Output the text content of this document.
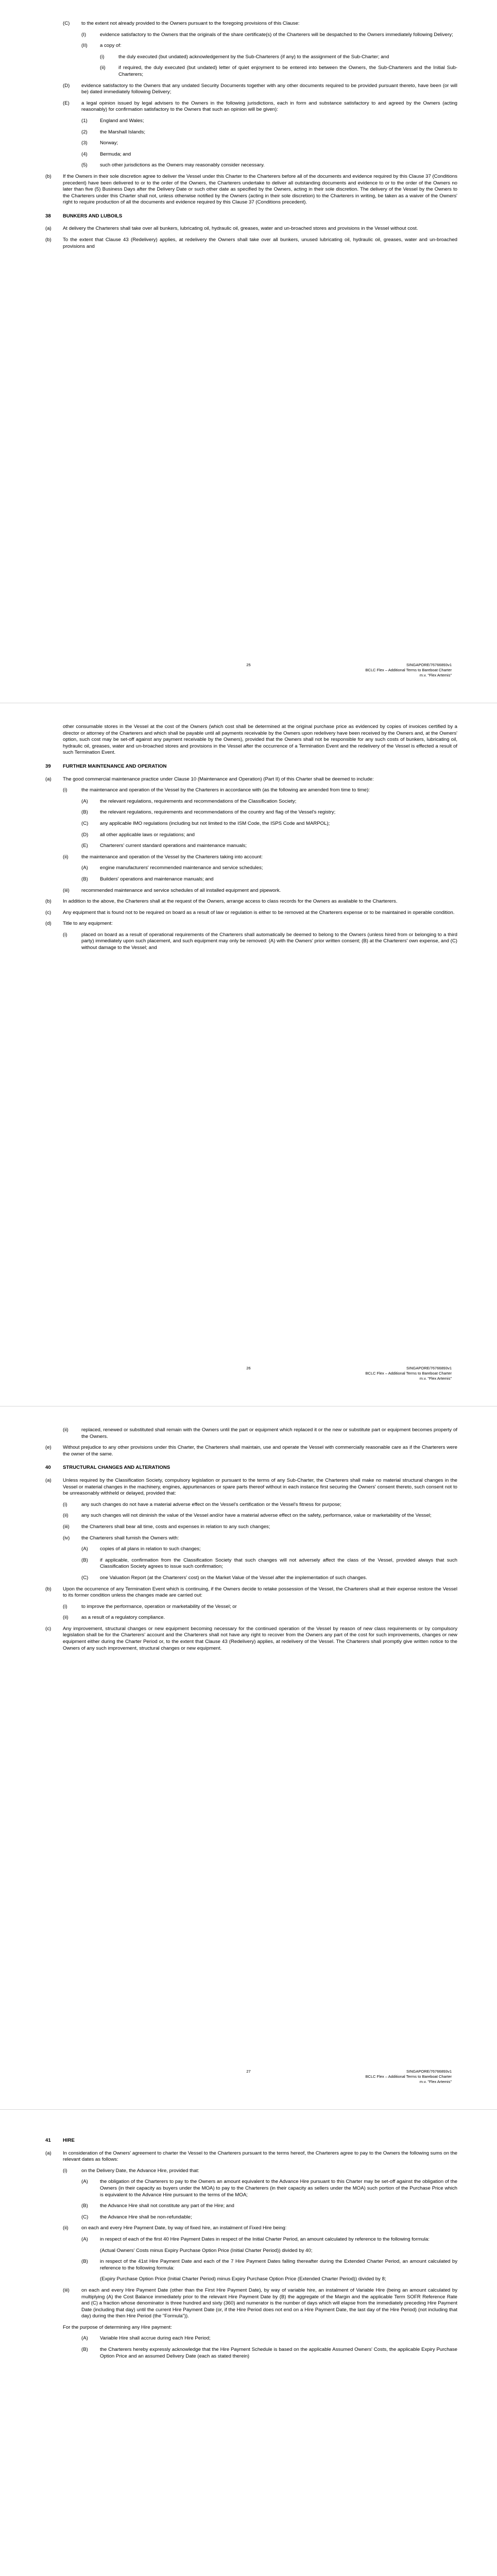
(C)	to the extent not already provided to the Owners pursuant to the foregoing provisions of this Clause:
(I)	evidence satisfactory to the Owners that the originals of the share certificate(s) of the Charterers will be despatched to the Owners immediately following Delivery;
(II)	a copy of:
(i)	the duly executed (but undated) acknowledgement by the Sub-Charterers (if any) to the assignment of the Sub-Charter; and
(ii)	if required, the duly executed (but undated) letter of quiet enjoyment to be entered into between the Owners, the Sub-Charterers and the Initial Sub-Charterers;
(D)	evidence satisfactory to the Owners that any undated Security Documents together with any other documents required to be provided pursuant thereto, have been (or will be) dated immediately following Delivery;
(E)	a legal opinion issued by legal advisers to the Owners in the following jurisdictions, each in form and substance satisfactory to and agreed by the Owners (acting reasonably) for confirmation satisfactory to the Owners that such an opinion will be given):
(1)	England and Wales;
(2)	the Marshall Islands;
(3)	Norway;
(4)	Bermuda; and
(5)	such other jurisdictions as the Owners may reasonably consider necessary.
(b)	If the Owners in their sole discretion agree to deliver the Vessel under this Charter to the Charterers before all of the documents and evidence required by this Clause 37 (Conditions precedent) have been delivered to or to the order of the Owners, the Charterers undertake to deliver all outstanding documents and evidence to or to the order of the Owners no later than five (5) Business Days after the Delivery Date or such other date as specified by the Owners, acting in their sole discretion. The delivery of the Vessel by the Owners to the Charterers under this Charter shall not, unless otherwise notified by the Owners (acting in their sole discretion) to the Charterers in writing, be taken as a waiver of the Owners' right to require production of all the documents and evidence required by this Clause 37 (Conditions precedent).
38	BUNKERS AND LUBOILS
(a)	At delivery the Charterers shall take over all bunkers, lubricating oil, hydraulic oil, greases, water and un-broached stores and provisions in the Vessel without cost.
(b)	To the extent that Clause 43 (Redelivery) applies, at redelivery the Owners shall take over all bunkers, unused lubricating oil, hydraulic oil, greases, water and un-broached provisions and
25	SINGAPORE/76766893v1
BCLC Flex – Additional Terms to Bareboat Charter
m.v. "Flex Artemis"
other consumable stores in the Vessel at the cost of the Owners (which cost shall be determined at the original purchase price as evidenced by copies of invoices certified by a director or attorney of the Charterers and which shall be payable until all payments receivable by the Owners upon redelivery have been received by the Owners and, at the Owners' option, such cost may be set-off against any payment receivable by the Owners), provided that the Owners shall not be responsible for any such costs of bunkers, lubricating oil, hydraulic oil, greases, water and un-broached stores and provisions in the Vessel after the occurrence of a Termination Event and the redelivery of the Vessel is effected a result of such Termination Event.
39	FURTHER MAINTENANCE AND OPERATION
(a)	The good commercial maintenance practice under Clause 10 (Maintenance and Operation) (Part II) of this Charter shall be deemed to include:
(i)	the maintenance and operation of the Vessel by the Charterers in accordance with (as the following are amended from time to time):
(A)	the relevant regulations, requirements and recommendations of the Classification Society;
(B)	the relevant regulations, requirements and recommendations of the country and flag of the Vessel's registry;
(C)	any applicable IMO regulations (including but not limited to the ISM Code, the ISPS Code and MARPOL);
(D)	all other applicable laws or regulations; and
(E)	Charterers' current standard operations and maintenance manuals;
(ii)	the maintenance and operation of the Vessel by the Charterers taking into account:
(A)	engine manufacturers' recommended maintenance and service schedules;
(B)	Builders' operations and maintenance manuals; and
(iii)	recommended maintenance and service schedules of all installed equipment and pipework.
(b)	In addition to the above, the Charterers shall at the request of the Owners, arrange access to class records for the Owners as available to the Charterers.
(c)	Any equipment that is found not to be required on board as a result of law or regulation is either to be removed at the Charterers expense or to be maintained in operable condition.
(d)	Title to any equipment:
(i)	placed on board as a result of operational requirements of the Charterers shall automatically be deemed to belong to the Owners (unless hired from or belonging to a third party) immediately upon such placement, and such equipment may only be removed: (A) with the Owners' prior written consent; (B) at the Charterers' own expense, and (C) without damage to the Vessel; and
26	SINGAPORE/76766893v1
BCLC Flex – Additional Terms to Bareboat Charter
m.v. "Flex Artemis"
(ii)	replaced, renewed or substituted shall remain with the Owners until the part or equipment which replaced it or the new or substitute part or equipment becomes property of the Owners.
(e)	Without prejudice to any other provisions under this Charter, the Charterers shall maintain, use and operate the Vessel with commercially reasonable care as if the Charterers were the owner of the same.
40	STRUCTURAL CHANGES AND ALTERATIONS
(a)	Unless required by the Classification Society, compulsory legislation or pursuant to the terms of any Sub-Charter, the Charterers shall make no material structural changes in the Vessel or material changes in the machinery, engines, appurtenances or spare parts thereof without in each instance first securing the Owners' consent thereto, such consent not to be unreasonably withheld or delayed, provided that:
(i)	any such changes do not have a material adverse effect on the Vessel's certification or the Vessel's fitness for purpose;
(ii)	any such changes will not diminish the value of the Vessel and/or have a material adverse effect on the safety, performance, value or marketability of the Vessel;
(iii)	the Charterers shall bear all time, costs and expenses in relation to any such changes;
(iv)	the Charterers shall furnish the Owners with:
(A)	copies of all plans in relation to such changes;
(B)	if applicable, confirmation from the Classification Society that such changes will not adversely affect the class of the Vessel, provided always that such Classification Society agrees to issue such confirmation;
(C)	one Valuation Report (at the Charterers' cost) on the Market Value of the Vessel after the implementation of such changes.
(b)	Upon the occurrence of any Termination Event which is continuing, if the Owners decide to retake possession of the Vessel, the Charterers shall at their expense restore the Vessel to its former condition unless the changes made are carried out:
(i)	to improve the performance, operation or marketability of the Vessel; or
(ii)	as a result of a regulatory compliance.
(c)	Any improvement, structural changes or new equipment becoming necessary for the continued operation of the Vessel by reason of new class requirements or by compulsory legislation shall be for the Charterers' account and the Charterers shall not have any right to recover from the Owners any part of the cost for such improvements, changes or new equipment either during the Charter Period or, to the extent that Clause 43 (Redelivery) applies, at redelivery of the Vessel. The Charterers shall promptly give written notice to the Owners of any such improvement, structural changes or new equipment.
27	SINGAPORE/76766893v1
BCLC Flex – Additional Terms to Bareboat Charter
m.v. "Flex Artemis"
41	HIRE
(a)	In consideration of the Owners' agreement to charter the Vessel to the Charterers pursuant to the terms hereof, the Charterers agree to pay to the Owners the following sums on the relevant dates as follows:
(i)	on the Delivery Date, the Advance Hire, provided that:
(A)	the obligation of the Charterers to pay to the Owners an amount equivalent to the Advance Hire pursuant to this Charter may be set-off against the obligation of the Owners (in their capacity as buyers under the MOA) to pay to the Charterers (in their capacity as sellers under the MOA) such portion of the Purchase Price which is equivalent to the Advance Hire pursuant to the terms of the MOA;
(B)	the Advance Hire shall not constitute any part of the Hire; and
(C)	the Advance Hire shall be non-refundable;
(ii)	on each and every Hire Payment Date, by way of fixed hire, an instalment of Fixed Hire being:
(A)	in respect of each of the first 40 Hire Payment Dates in respect of the Initial Charter Period, an amount calculated by reference to the following formula:
(Actual Owners' Costs minus Expiry Purchase Option Price (Initial Charter Period)) divided by 40;
(B)	in respect of the 41st Hire Payment Date and each of the 7 Hire Payment Dates falling thereafter during the Extended Charter Period, an amount calculated by reference to the following formula:
(Expiry Purchase Option Price (Initial Charter Period) minus Expiry Purchase Option Price (Extended Charter Period)) divided by 8;
(iii)	on each and every Hire Payment Date (other than the First Hire Payment Date), by way of variable hire, an instalment of Variable Hire (being an amount calculated by multiplying (A) the Cost Balance immediately prior to the relevant Hire Payment Date by (B) the aggregate of the Margin and the applicable Term SOFR Reference Rate and (C) a fraction whose denominator is three hundred and sixty (360) and numerator is the number of days which will elapse from the immediately preceding Hire Payment Date (including that day) until the current Hire Payment Date (or, if the Hire Period does not end on a Hire Payment Date, the last day of the Hire Period) (not including that day) during the then Hire Period (the "Formula")).
For the purpose of determining any Hire payment:
(A)	Variable Hire shall accrue during each Hire Period;
(B)	the Charterers hereby expressly acknowledge that the Hire Payment Schedule is based on the applicable Assumed Owners' Costs, the applicable Expiry Purchase Option Price and an assumed Delivery Date (each as stated therein)
